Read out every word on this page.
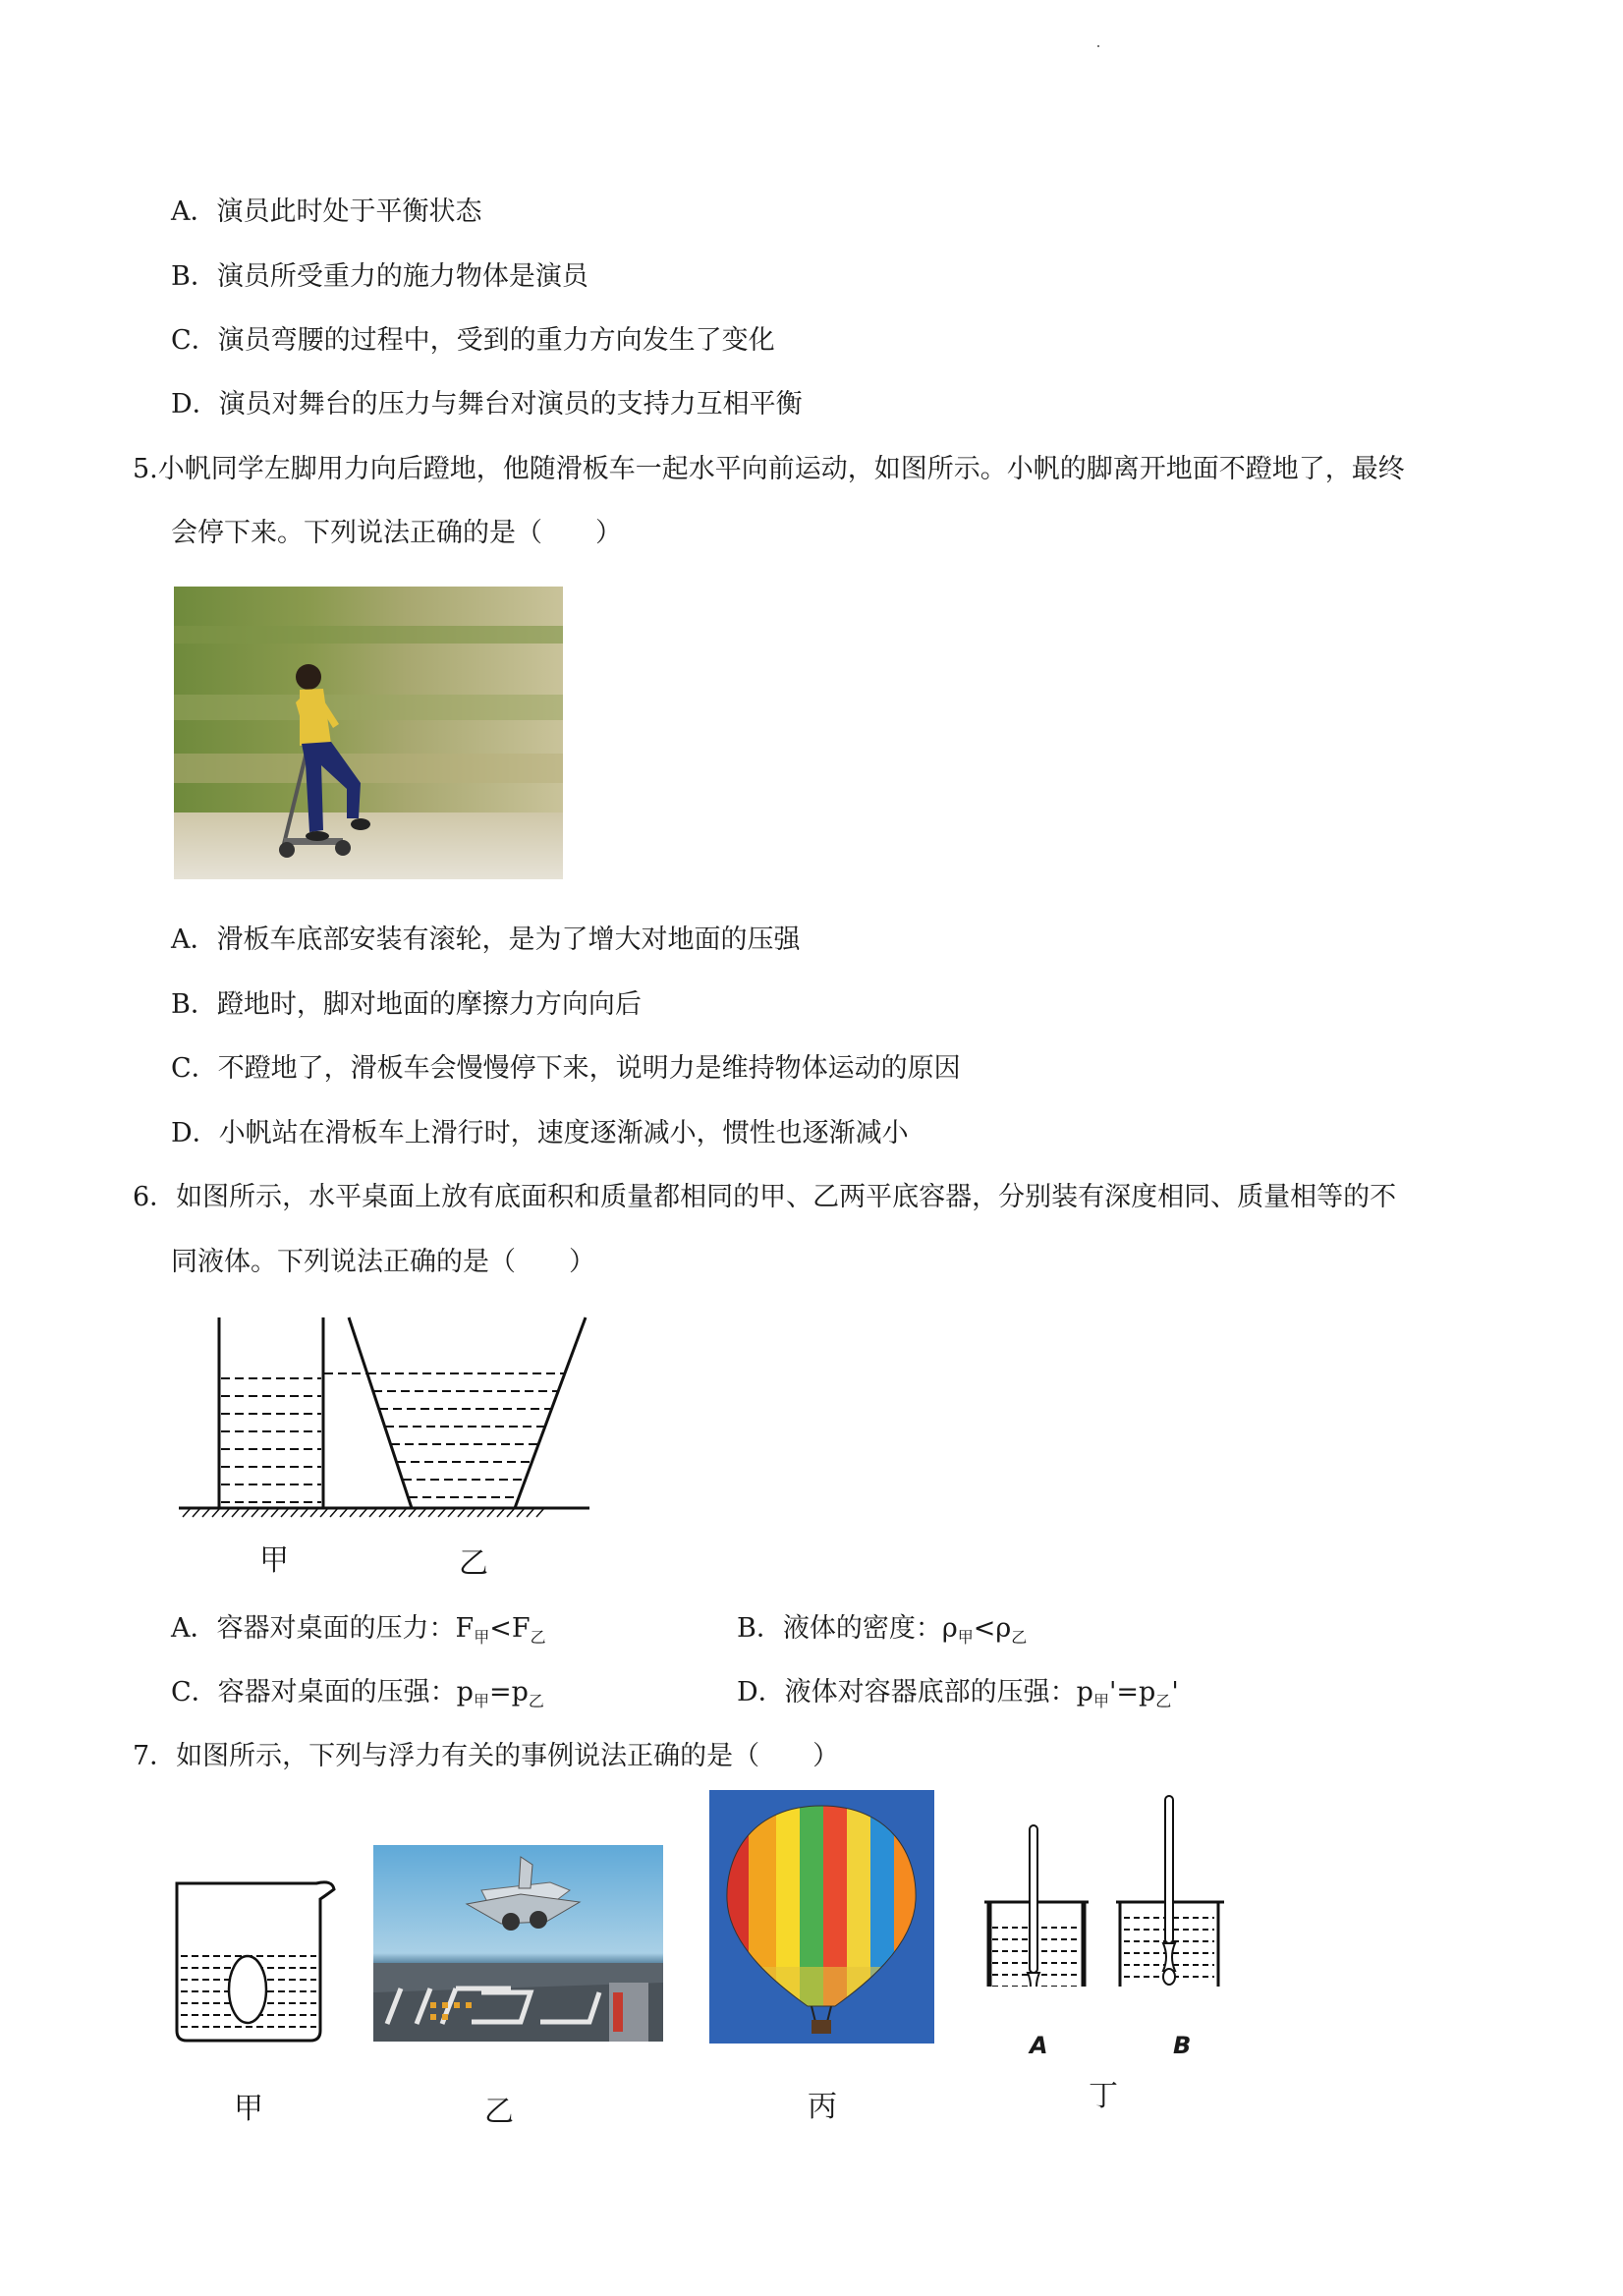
A．演员此时处于平衡状态
B．演员所受重力的施力物体是演员
C．演员弯腰的过程中，受到的重力方向发生了变化
D．演员对舞台的压力与舞台对演员的支持力互相平衡
5.小帆同学左脚用力向后蹬地，他随滑板车一起水平向前运动，如图所示。小帆的脚离开地面不蹬地了，最终
会停下来。下列说法正确的是（　　）
A．滑板车底部安装有滚轮，是为了增大对地面的压强
B．蹬地时，脚对地面的摩擦力方向向后
C．不蹬地了，滑板车会慢慢停下来，说明力是维持物体运动的原因
D．小帆站在滑板车上滑行时，速度逐渐减小，惯性也逐渐减小
6．如图所示，水平桌面上放有底面积和质量都相同的甲、乙两平底容器，分别装有深度相同、质量相等的不
同液体。下列说法正确的是（　　）
甲	乙
A．容器对桌面的压力：$F_甲<F_乙$	B．液体的密度：$\rho_甲<\rho_乙$
C．容器对桌面的压强：$p_甲=p_乙$	D．液体对容器底部的压强：$p_甲'=p_乙'$
7．如图所示，下列与浮力有关的事例说法正确的是（　　）
A	B
甲	乙	丙	丁
